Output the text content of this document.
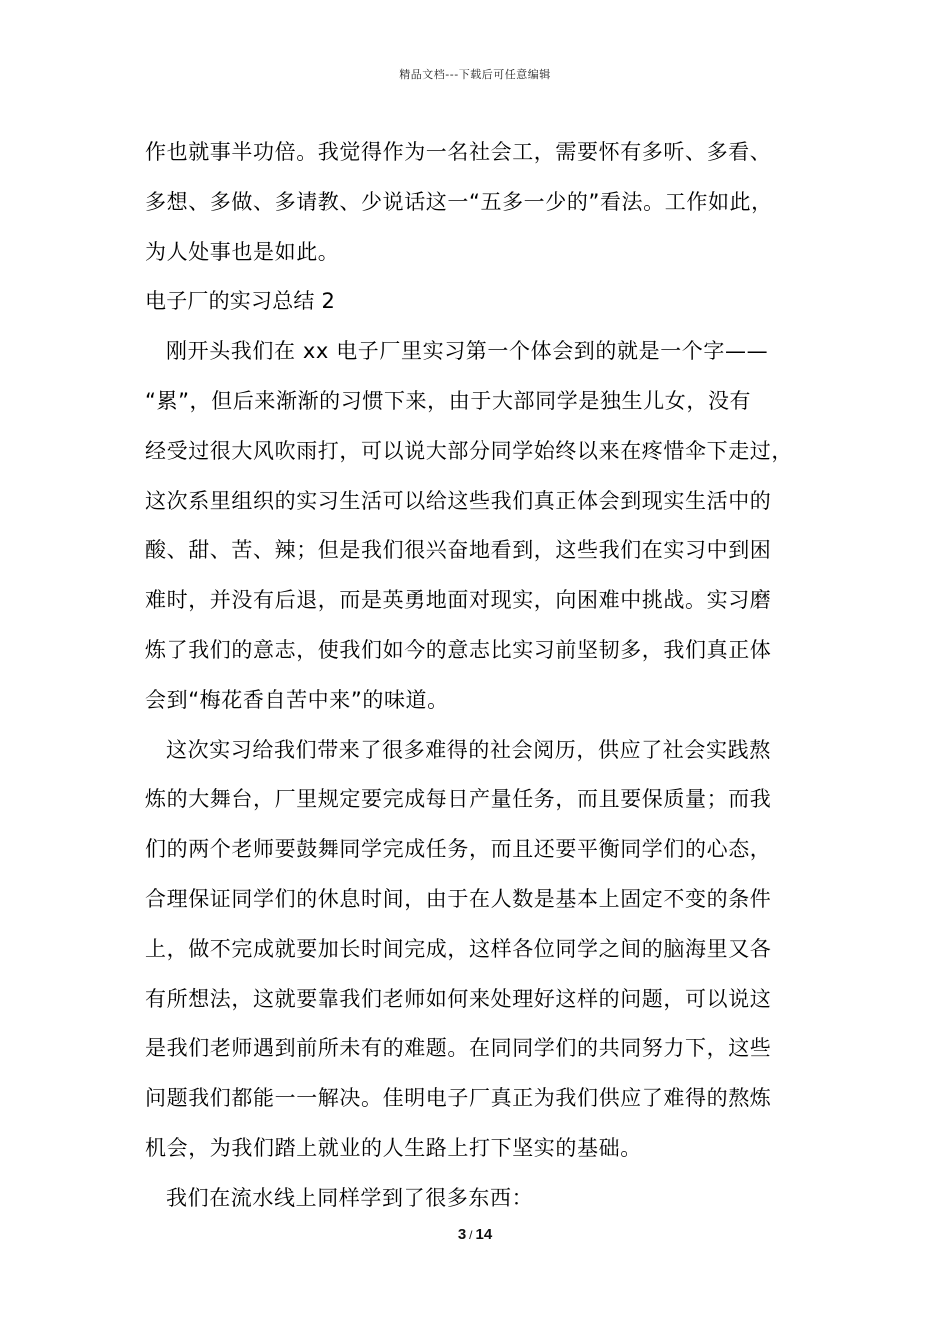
精品文档---下载后可任意编辑
作也就事半功倍。我觉得作为一名社会工，需要怀有多听、多看、
多想、多做、多请教、少说话这一“五多一少的”看法。工作如此，
为人处事也是如此。
电子厂的实习总结 2
刚开头我们在 xx 电子厂里实习第一个体会到的就是一个字——
“累”，但后来渐渐的习惯下来，由于大部同学是独生儿女，没有
经受过很大风吹雨打，可以说大部分同学始终以来在疼惜伞下走过，
这次系里组织的实习生活可以给这些我们真正体会到现实生活中的
酸、甜、苦、辣；但是我们很兴奋地看到，这些我们在实习中到困
难时，并没有后退，而是英勇地面对现实，向困难中挑战。实习磨
炼了我们的意志，使我们如今的意志比实习前坚韧多，我们真正体
会到“梅花香自苦中来”的味道。
这次实习给我们带来了很多难得的社会阅历，供应了社会实践熬
炼的大舞台，厂里规定要完成每日产量任务，而且要保质量；而我
们的两个老师要鼓舞同学完成任务，而且还要平衡同学们的心态，
合理保证同学们的休息时间，由于在人数是基本上固定不变的条件
上，做不完成就要加长时间完成，这样各位同学之间的脑海里又各
有所想法，这就要靠我们老师如何来处理好这样的问题，可以说这
是我们老师遇到前所未有的难题。在同同学们的共同努力下，这些
问题我们都能一一解决。佳明电子厂真正为我们供应了难得的熬炼
机会，为我们踏上就业的人生路上打下坚实的基础。
我们在流水线上同样学到了很多东西：
3 / 14
